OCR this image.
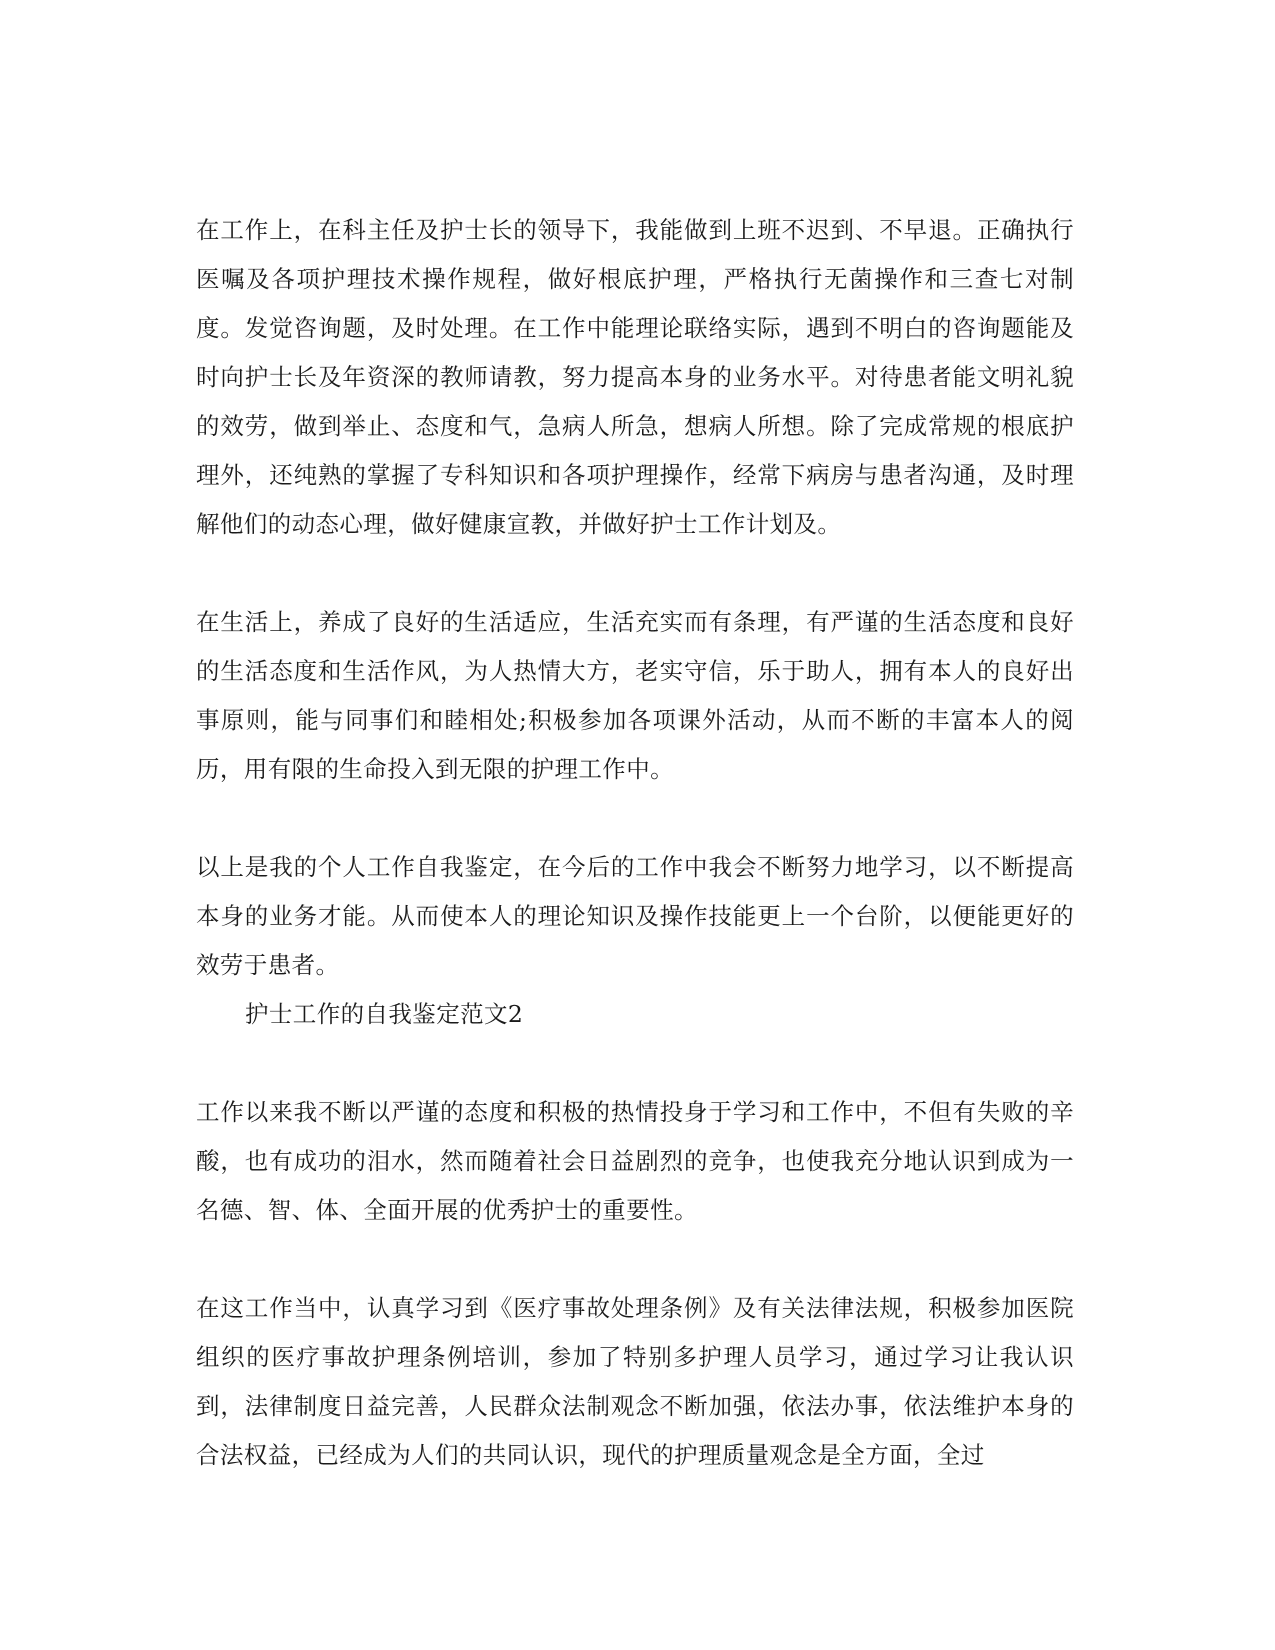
在工作上，在科主任及护士长的领导下，我能做到上班不迟到、不早退。正确执行医嘱及各项护理技术操作规程，做好根底护理，严格执行无菌操作和三查七对制度。发觉咨询题，及时处理。在工作中能理论联络实际，遇到不明白的咨询题能及时向护士长及年资深的教师请教，努力提高本身的业务水平。对待患者能文明礼貌的效劳，做到举止、态度和气，急病人所急，想病人所想。除了完成常规的根底护理外，还纯熟的掌握了专科知识和各项护理操作，经常下病房与患者沟通，及时理解他们的动态心理，做好健康宣教，并做好护士工作计划及。

在生活上，养成了良好的生活适应，生活充实而有条理，有严谨的生活态度和良好的生活态度和生活作风，为人热情大方，老实守信，乐于助人，拥有本人的良好出事原则，能与同事们和睦相处;积极参加各项课外活动，从而不断的丰富本人的阅历，用有限的生命投入到无限的护理工作中。

以上是我的个人工作自我鉴定，在今后的工作中我会不断努力地学习，以不断提高本身的业务才能。从而使本人的理论知识及操作技能更上一个台阶，以便能更好的效劳于患者。

护士工作的自我鉴定范文2

工作以来我不断以严谨的态度和积极的热情投身于学习和工作中，不但有失败的辛酸，也有成功的泪水，然而随着社会日益剧烈的竞争，也使我充分地认识到成为一名德、智、体、全面开展的优秀护士的重要性。

在这工作当中，认真学习到《医疗事故处理条例》及有关法律法规，积极参加医院组织的医疗事故护理条例培训，参加了特别多护理人员学习，通过学习让我认识到，法律制度日益完善，人民群众法制观念不断加强，依法办事，依法维护本身的合法权益，已经成为人们的共同认识，现代的护理质量观念是全方面，全过
